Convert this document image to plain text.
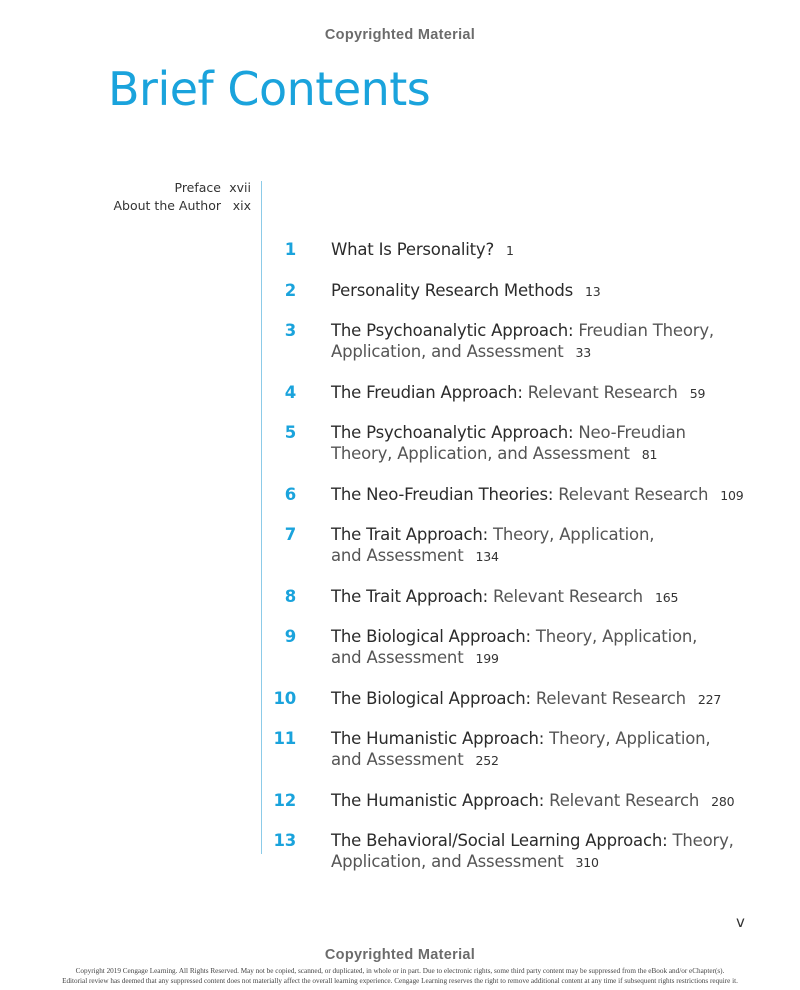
Copyrighted Material
Brief Contents
Preface xvii
About the Author xix
1 What Is Personality? 1
2 Personality Research Methods 13
3 The Psychoanalytic Approach: Freudian Theory,
Application, and Assessment 33
4 The Freudian Approach: Relevant Research 59
5 The Psychoanalytic Approach: Neo-Freudian
Theory, Application, and Assessment 81
6 The Neo-Freudian Theories: Relevant Research 109
7 The Trait Approach: Theory, Application,
and Assessment 134
8 The Trait Approach: Relevant Research 165
9 The Biological Approach: Theory, Application,
and Assessment 199
10 The Biological Approach: Relevant Research 227
11 The Humanistic Approach: Theory, Application,
and Assessment 252
12 The Humanistic Approach: Relevant Research 280
13 The Behavioral/Social Learning Approach: Theory,
Application, and Assessment 310
v
Copyrighted Material
Copyright 2019 Cengage Learning. All Rights Reserved. May not be copied, scanned, or duplicated, in whole or in part. Due to electronic rights, some third party content may be suppressed from the eBook and/or eChapter(s).
Editorial review has deemed that any suppressed content does not materially affect the overall learning experience. Cengage Learning reserves the right to remove additional content at any time if subsequent rights restrictions require it.
